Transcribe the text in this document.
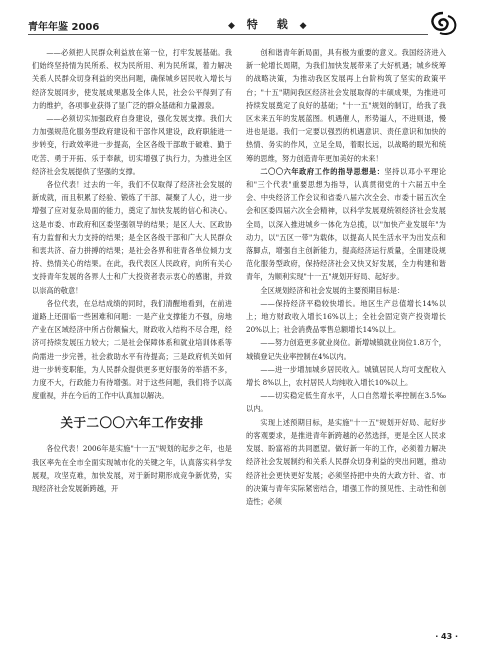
青年年鉴 2006	◆ 特　载 ◆

——必须把人民群众利益放在第一位，打牢发展基础。我们始终坚持情为民所系、权为民所用、利为民所谋，着力解决关系人民群众切身利益的突出问题，确保城乡居民收入增长与经济发展同步，使发展成果惠及全体人民，社会公平得到了有力的维护，各项事业获得了显广泛的群众基础和力量源泉。

——必须切实加强政府自身建设，强化发展支撑。我们大力加强规范化服务型政府建设和干部作风建设，政府职能进一步转变，行政效率进一步提高，全区各级干部敢于破难、勤于吃苦、勇于开拓、乐于奉献，切实增强了执行力，为推进全区经济社会发展提供了坚强的支撑。

各位代表！过去的一年，我们不仅取得了经济社会发展的新成就，而且积累了经验、锻炼了干部、凝聚了人心，进一步增强了应对复杂局面的能力，奠定了加快发展的信心和决心。这是市委、市政府和区委坚强领导的结果；是区人大、区政协有力监督和大力支持的结果；是全区各级干部和广大人民群众和衷共济、奋力拼搏的结果；是社会各界和驻青各单位倾力支持、热情关心的结果。在此，我代表区人民政府，向所有关心支持青年发展的各界人士和广大投资者表示衷心的感谢，并致以崇高的敬意！

各位代表，在总结成绩的同时，我们清醒地看到，在前进道路上还面临一些困难和问题：一是产业支撑能力不强，房地产业在区域经济中所占份额偏大，财政收入结构不尽合理，经济可持续发展压力较大；二是社会保障体系和就业培训体系等尚需进一步完善，社会救助水平有待提高；三是政府机关如何进一步转变职能，为人民群众提供更多更好服务的举措不多，力度不大，行政能力有待增强。对于这些问题，我们将予以高度重视，并在今后的工作中认真加以解决。

关于二〇〇六年工作安排

各位代表！2006年是实施"十一五"规划的起步之年，也是我区率先在全市全面实现城市化的关键之年，认真落实科学发展观，攻坚克难，加快发展，对于新时期形成竞争新优势，实现经济社会发展新跨越，开

创和谐青年新局面，具有极为重要的意义。我国经济进入新一轮增长周期，为我们加快发展带来了大好机遇；城乡统筹的战略决策，为推动我区发展再上台阶构筑了坚实的政策平台；"十五"期间我区经济社会发展取得的丰硕成果，为推进可持续发展奠定了良好的基础；"十一五"规划的制订，给我了我区未来五年的发展蓝图。机遇催人，形势逼人，不进则退，慢进也是退。我们一定要以强烈的机遇意识、责任意识和加快的热情、务实的作风，立足全局，着眼长远，以战略的眼光和统筹的思维，努力创造青年更加美好的未来！

二〇〇六年政府工作的指导思想是：坚持以邓小平理论和"三个代表"重要思想为指导，认真贯彻党的十六届五中全会、中央经济工作会议和省委八届六次全会、市委十届五次全会和区委四届六次全会精神，以科学发展观统领经济社会发展全局，以深入推进城乡一体化为总揽，以"加快产业发展年"为动力，以"五区一带"为载体，以提高人民生活水平为出发点和落脚点，增强自主创新能力，提高经济运行质量，全面建设规范化服务型政府，保持经济社会又快又好发展，全力构建和谐青年，为顺利实现"十一五"规划开好局、起好步。

全区规划经济和社会发展的主要预期目标是：

——保持经济平稳较快增长。地区生产总值增长14%以上；地方财政收入增长16%以上；全社会固定资产投资增长20%以上；社会消费品零售总额增长14%以上。

——努力创造更多就业岗位。新增城镇就业岗位1.8万个，城镇登记失业率控制在4%以内。

——进一步增加城乡居民收入。城镇居民人均可支配收入增长 8%以上，农村居民人均纯收入增长10%以上。

——切实稳定低生育水平，人口自然增长率控制在3.5‰以内。

实现上述预期目标，是实施"十一五"规划开好局、起好步的客观要求，是推进青年新跨越的必然选择，更是全区人民求发展、盼富裕的共同愿望。做好新一年的工作，必须着力解决经济社会发展制约和关系人民群众切身利益的突出问题，推动经济社会更快更好发展；必须坚持把中央的大政方针、省、市的决策与青年实际紧密结合，增强工作的预见性、主动性和创造性；必须

· 43 ·
